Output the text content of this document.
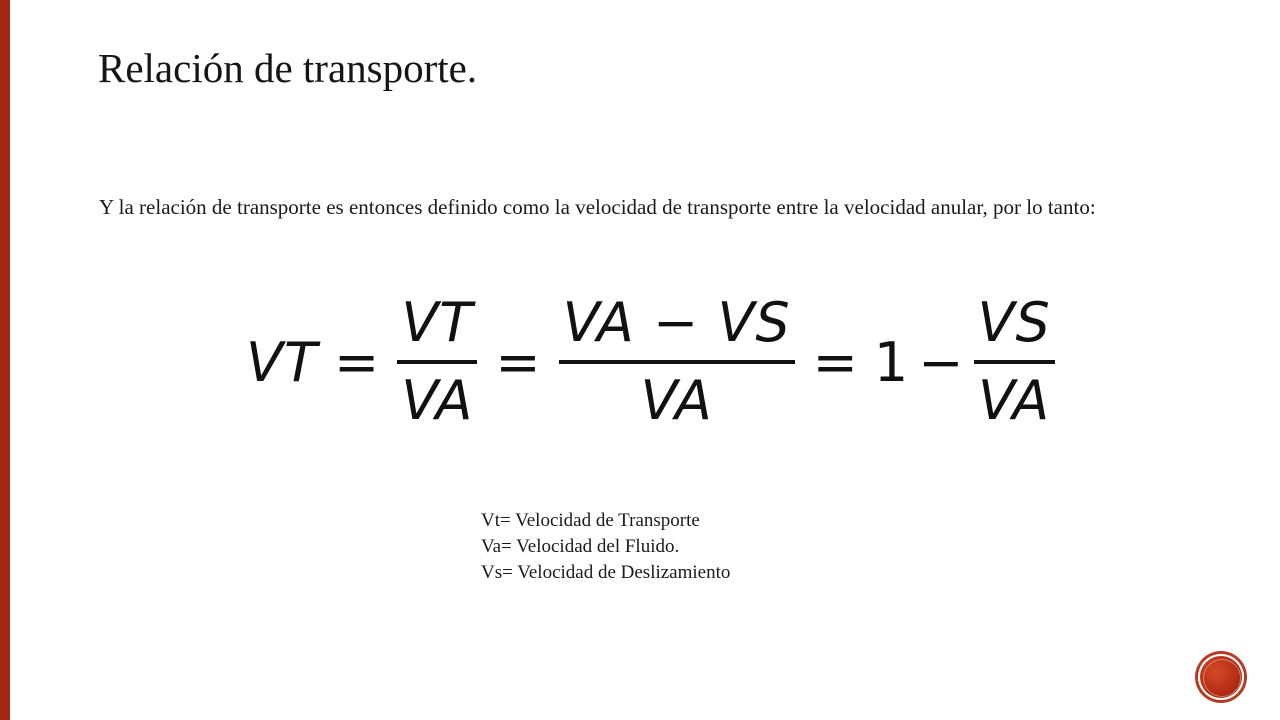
Relación de transporte.
Y la relación de transporte es entonces definido como la velocidad de transporte entre la velocidad anular, por lo tanto:
VT = $\frac{VT}{VA} = \frac{VA - VS}{VA} = 1 - \frac{VS}{VA}$
Vt= Velocidad de Transporte
Va= Velocidad del Fluido.
Vs= Velocidad de Deslizamiento
